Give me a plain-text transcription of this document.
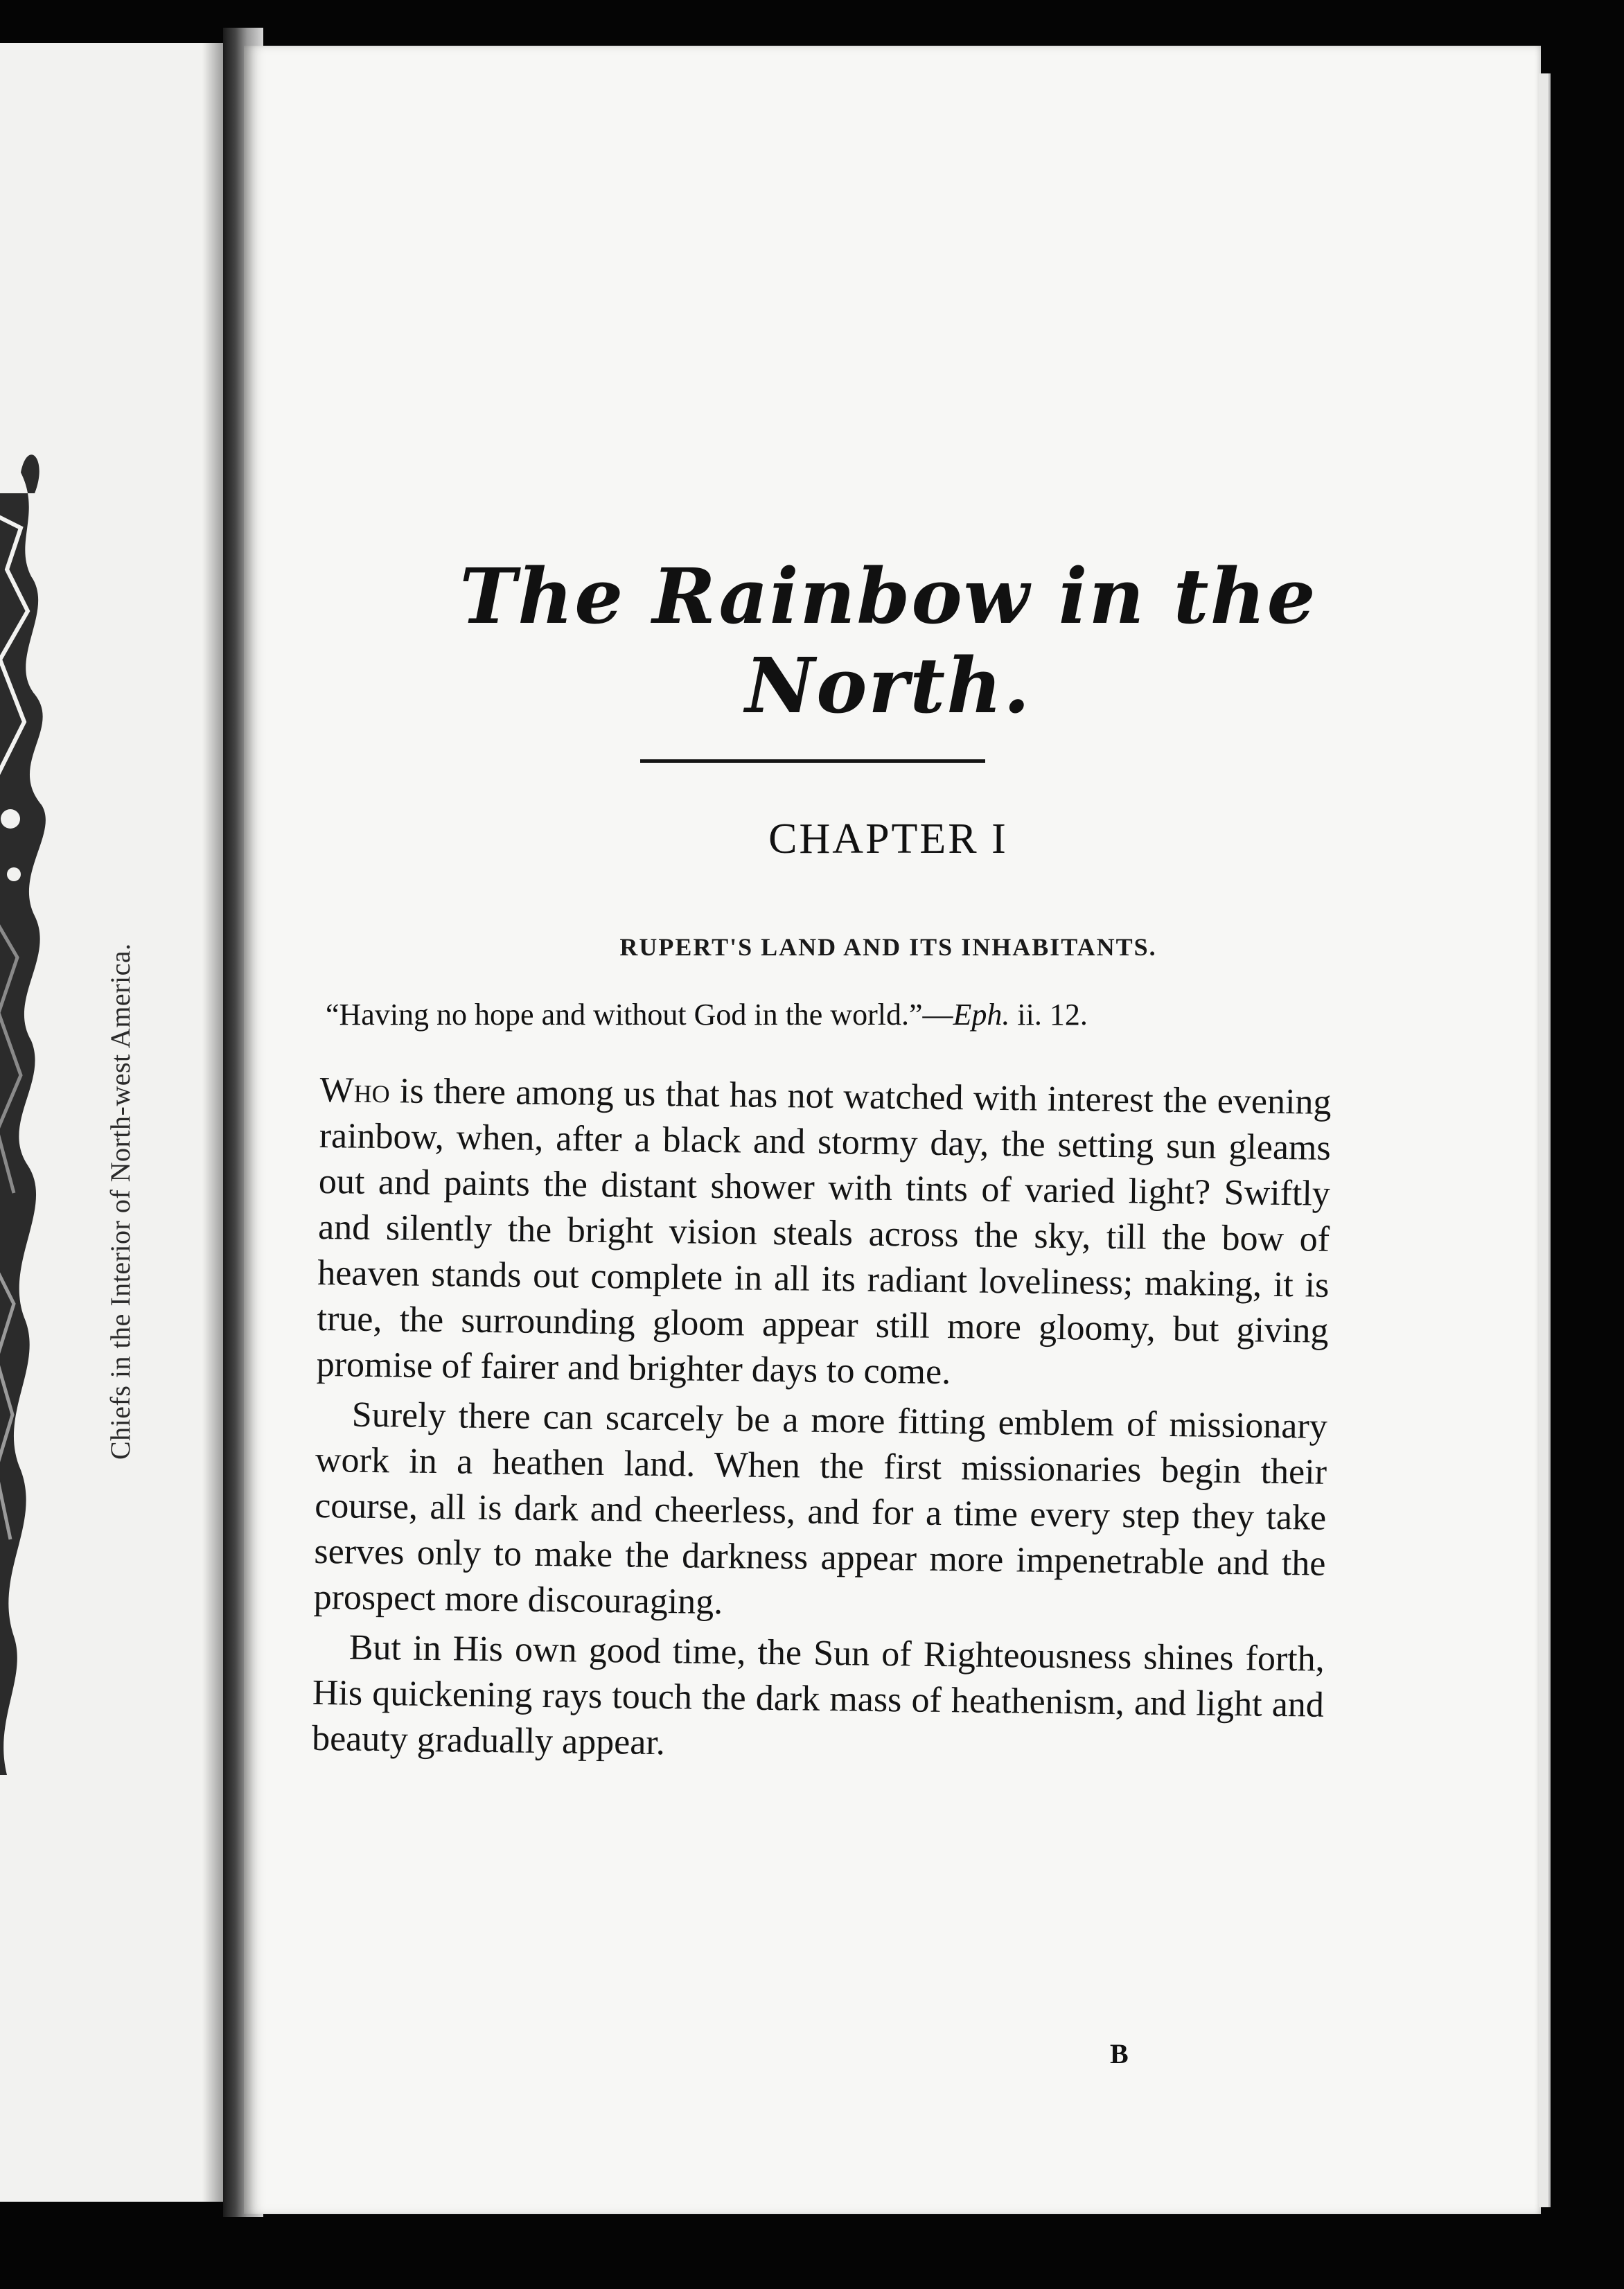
Chiefs in the Interior of North-west America.
The Rainbow in the North.
CHAPTER I
RUPERT'S LAND AND ITS INHABITANTS.
“Having no hope and without God in the world.”—Eph. ii. 12.

Who is there among us that has not watched with interest the evening rainbow, when, after a black and stormy day, the setting sun gleams out and paints the distant shower with tints of varied light? Swiftly and silently the bright vision steals across the sky, till the bow of heaven stands out complete in all its radiant loveliness; making, it is true, the surrounding gloom appear still more gloomy, but giving promise of fairer and brighter days to come.

Surely there can scarcely be a more fitting emblem of missionary work in a heathen land. When the first missionaries begin their course, all is dark and cheerless, and for a time every step they take serves only to make the darkness appear more impenetrable and the prospect more discouraging.

But in His own good time, the Sun of Righteousness shines forth, His quickening rays touch the dark mass of heathenism, and light and beauty gradually appear.

B
